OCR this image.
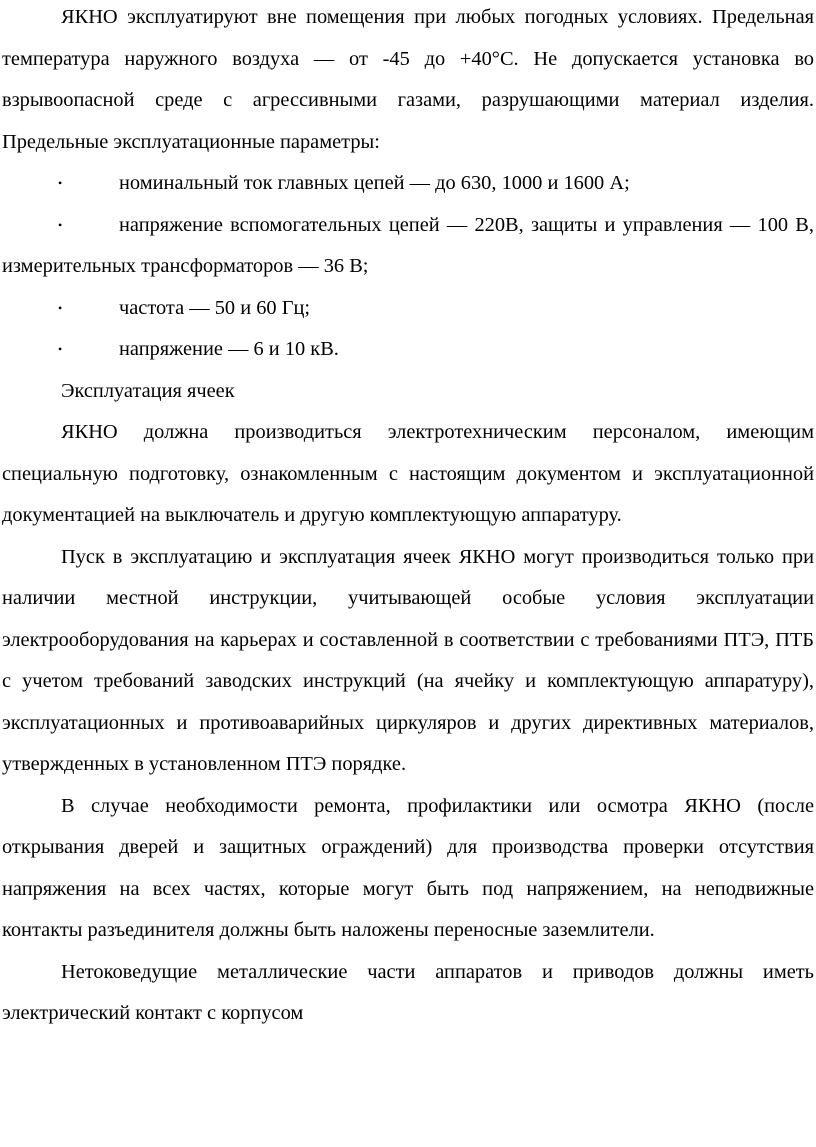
ЯКНО эксплуатируют вне помещения при любых погодных условиях. Предельная температура наружного воздуха — от -45 до +40°С. Не допускается установка во взрывоопасной среде с агрессивными газами, разрушающими материал изделия. Предельные эксплуатационные параметры:

•	номинальный ток главных цепей — до 630, 1000 и 1600 А;
•	напряжение вспомогательных цепей — 220В, защиты и управления — 100 В, измерительных трансформаторов — 36 В;
•	частота — 50 и 60 Гц;
•	напряжение — 6 и 10 кВ.

Эксплуатация ячеек

ЯКНО должна производиться электротехническим персоналом, имеющим специальную подготовку, ознакомленным с настоящим документом и эксплуатационной документацией на выключатель и другую комплектующую аппаратуру.

Пуск в эксплуатацию и эксплуатация ячеек ЯКНО могут производиться только при наличии местной инструкции, учитывающей особые условия эксплуатации электрооборудования на карьерах и составленной в соответствии с требованиями ПТЭ, ПТБ с учетом требований заводских инструкций (на ячейку и комплектующую аппаратуру), эксплуатационных и противоаварийных циркуляров и других директивных материалов, утвержденных в установленном ПТЭ порядке.

В случае необходимости ремонта, профилактики или осмотра ЯКНО (после открывания дверей и защитных ограждений) для производства проверки отсутствия напряжения на всех частях, которые могут быть под напряжением, на неподвижные контакты разъединителя должны быть наложены переносные заземлители.

Нетоковедущие металлические части аппаратов и приводов должны иметь электрический контакт с корпусом
